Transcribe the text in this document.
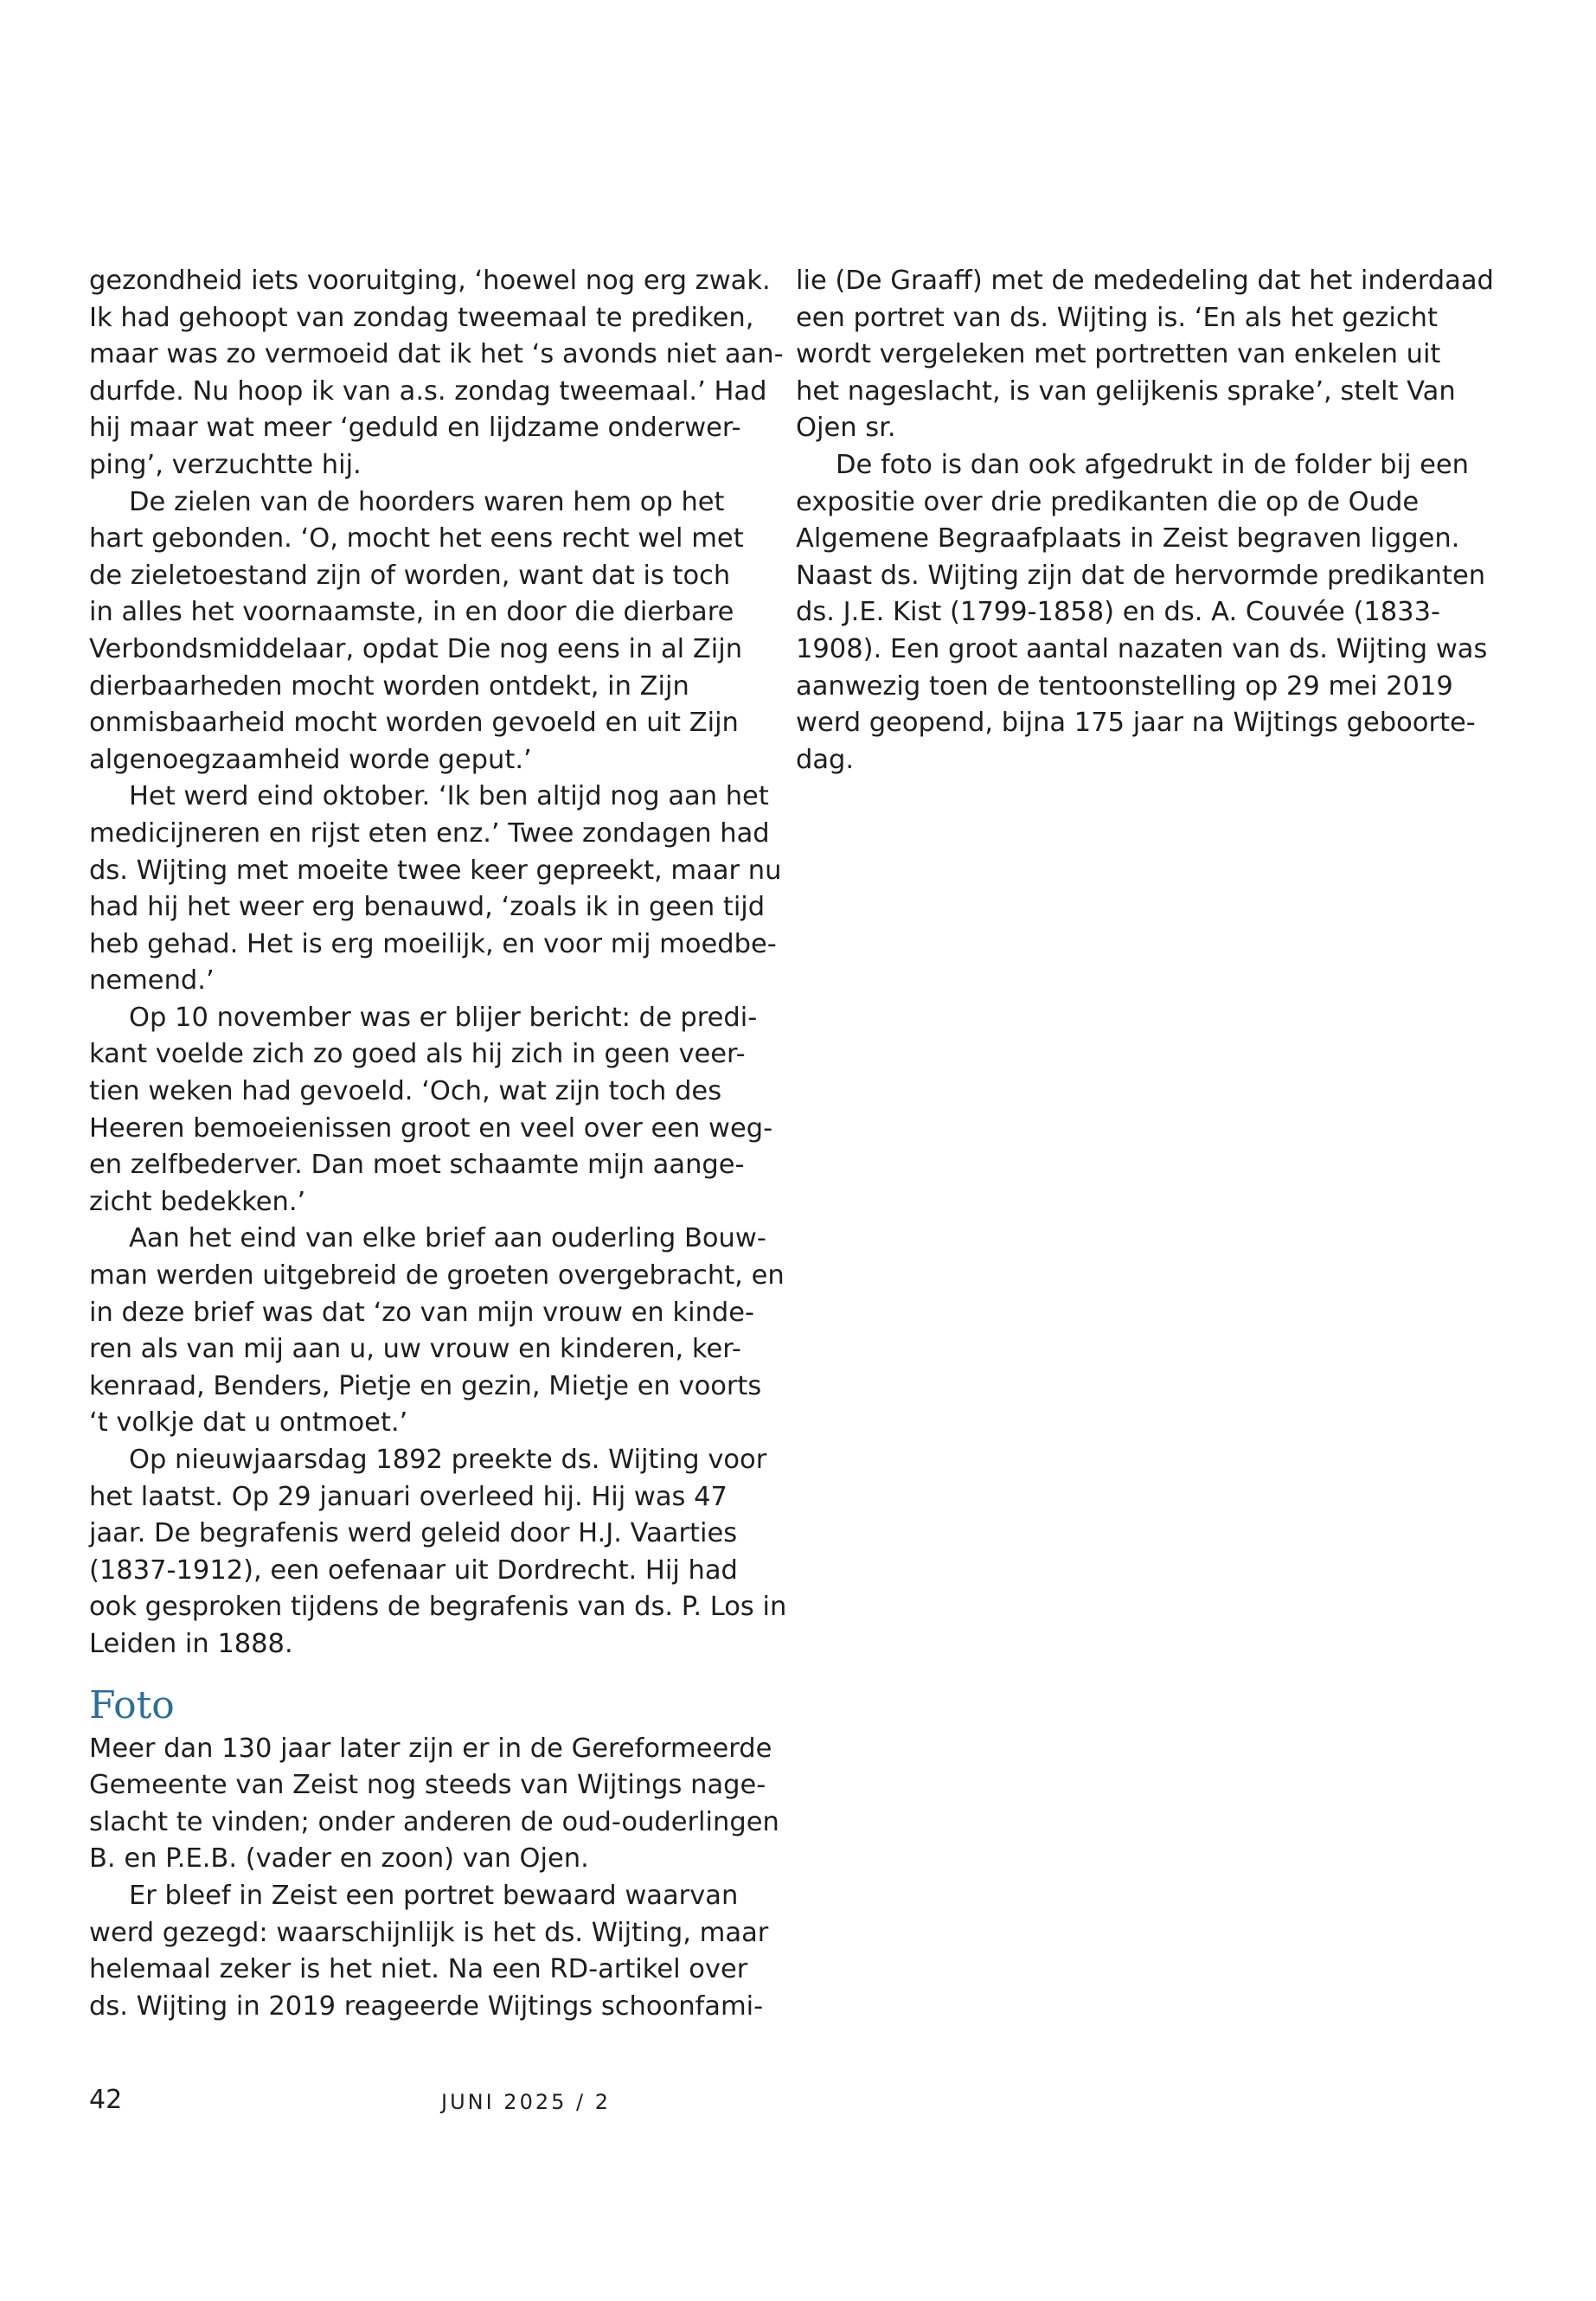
gezondheid iets vooruitging, ‘hoewel nog erg zwak.
Ik had gehoopt van zondag tweemaal te prediken,
maar was zo vermoeid dat ik het ‘s avonds niet aan-
durfde. Nu hoop ik van a.s. zondag tweemaal.’ Had
hij maar wat meer ‘geduld en lijdzame onderwer-
ping’, verzuchtte hij.
De zielen van de hoorders waren hem op het
hart gebonden. ‘O, mocht het eens recht wel met
de zieletoestand zijn of worden, want dat is toch
in alles het voornaamste, in en door die dierbare
Verbondsmiddelaar, opdat Die nog eens in al Zijn
dierbaarheden mocht worden ontdekt, in Zijn
onmisbaarheid mocht worden gevoeld en uit Zijn
algenoegzaamheid worde geput.’
Het werd eind oktober. ‘Ik ben altijd nog aan het
medicijneren en rijst eten enz.’ Twee zondagen had
ds. Wijting met moeite twee keer gepreekt, maar nu
had hij het weer erg benauwd, ‘zoals ik in geen tijd
heb gehad. Het is erg moeilijk, en voor mij moedbe-
nemend.’
Op 10 november was er blijer bericht: de predi-
kant voelde zich zo goed als hij zich in geen veer-
tien weken had gevoeld. ‘Och, wat zijn toch des
Heeren bemoeienissen groot en veel over een weg-
en zelfbederver. Dan moet schaamte mijn aange-
zicht bedekken.’
Aan het eind van elke brief aan ouderling Bouw-
man werden uitgebreid de groeten overgebracht, en
in deze brief was dat ‘zo van mijn vrouw en kinde-
ren als van mij aan u, uw vrouw en kinderen, ker-
kenraad, Benders, Pietje en gezin, Mietje en voorts
‘t volkje dat u ontmoet.’
Op nieuwjaarsdag 1892 preekte ds. Wijting voor
het laatst. Op 29 januari overleed hij. Hij was 47
jaar. De begrafenis werd geleid door H.J. Vaarties
(1837-1912), een oefenaar uit Dordrecht. Hij had
ook gesproken tijdens de begrafenis van ds. P. Los in
Leiden in 1888.
Foto
Meer dan 130 jaar later zijn er in de Gereformeerde
Gemeente van Zeist nog steeds van Wijtings nage-
slacht te vinden; onder anderen de oud-ouderlingen
B. en P.E.B. (vader en zoon) van Ojen.
Er bleef in Zeist een portret bewaard waarvan
werd gezegd: waarschijnlijk is het ds. Wijting, maar
helemaal zeker is het niet. Na een RD-artikel over
ds. Wijting in 2019 reageerde Wijtings schoonfami-
lie (De Graaff) met de mededeling dat het inderdaad
een portret van ds. Wijting is. ‘En als het gezicht
wordt vergeleken met portretten van enkelen uit
het nageslacht, is van gelijkenis sprake’, stelt Van
Ojen sr.
De foto is dan ook afgedrukt in de folder bij een
expositie over drie predikanten die op de Oude
Algemene Begraafplaats in Zeist begraven liggen.
Naast ds. Wijting zijn dat de hervormde predikanten
ds. J.E. Kist (1799-1858) en ds. A. Couvée (1833-
1908). Een groot aantal nazaten van ds. Wijting was
aanwezig toen de tentoonstelling op 29 mei 2019
werd geopend, bijna 175 jaar na Wijtings geboorte-
dag.
42	JUNI 2025 / 2
